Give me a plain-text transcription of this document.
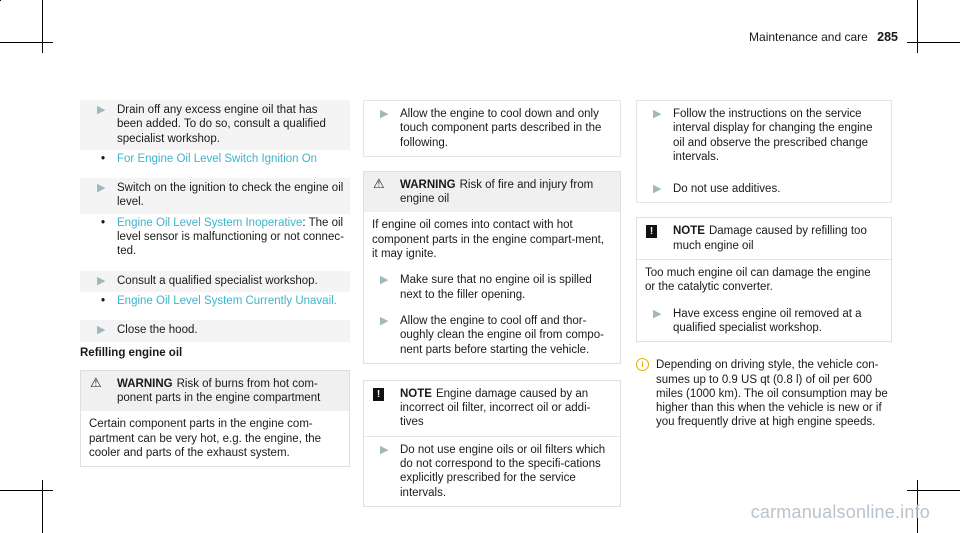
Maintenance and care 285
▶ Drain off any excess engine oil that has been added. To do so, consult a qualified specialist workshop.
• For Engine Oil Level Switch Ignition On
▶ Switch on the ignition to check the engine oil level.
• Engine Oil Level System Inoperative: The oil level sensor is malfunctioning or not connec-ted.
▶ Consult a qualified specialist workshop.
• Engine Oil Level System Currently Unavail.
▶ Close the hood.
Refilling engine oil
⚠ WARNING Risk of burns from hot com-ponent parts in the engine compartment
Certain component parts in the engine com-partment can be very hot, e.g. the engine, the cooler and parts of the exhaust system.
▶ Allow the engine to cool down and only touch component parts described in the following.
⚠ WARNING Risk of fire and injury from engine oil
If engine oil comes into contact with hot component parts in the engine compart-ment, it may ignite.
▶ Make sure that no engine oil is spilled next to the filler opening.
▶ Allow the engine to cool off and thor-oughly clean the engine oil from compo-nent parts before starting the vehicle.
!	NOTE Engine damage caused by an incorrect oil filter, incorrect oil or addi-tives
▶ Do not use engine oils or oil filters which do not correspond to the specifi-cations explicitly prescribed for the service intervals.
▶ Follow the instructions on the service interval display for changing the engine oil and observe the prescribed change intervals.
▶ Do not use additives.
!	NOTE Damage caused by refilling too much engine oil
Too much engine oil can damage the engine or the catalytic converter.
▶ Have excess engine oil removed at a qualified specialist workshop.
i	Depending on driving style, the vehicle con-sumes up to 0.9 US qt (0.8 l) of oil per 600 miles (1000 km). The oil consumption may be higher than this when the vehicle is new or if you frequently drive at high engine speeds.
carmanualsonline.info
